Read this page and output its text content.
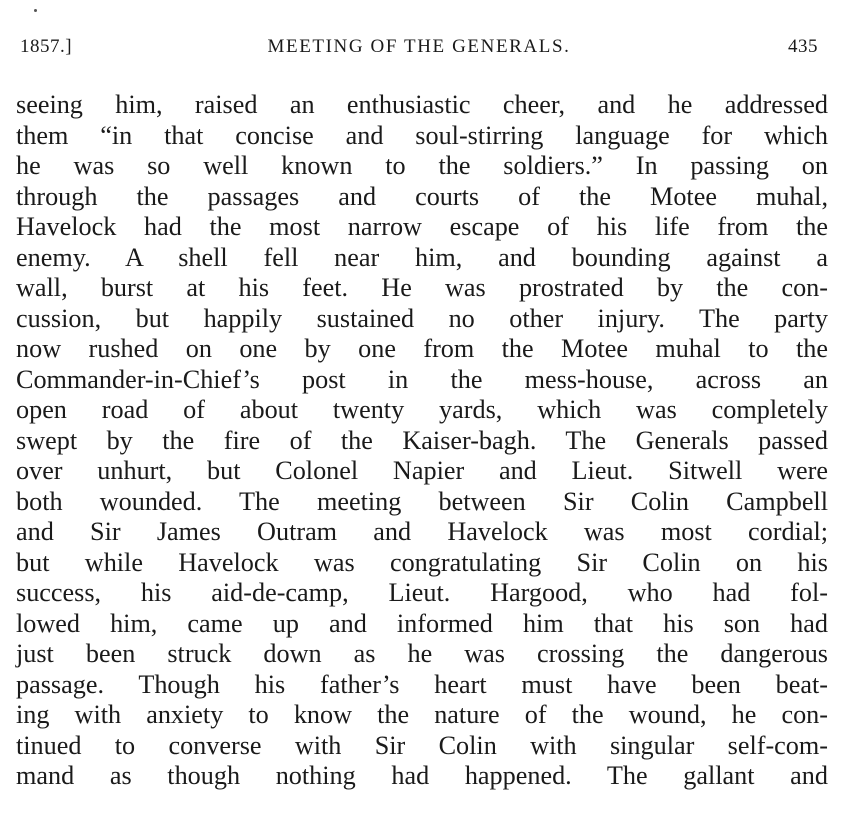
1857.]	MEETING OF THE GENERALS.	435
seeing him, raised an enthusiastic cheer, and he addressed
them “in that concise and soul-stirring language for which
he was so well known to the soldiers.” In passing on
through the passages and courts of the Motee muhal,
Havelock had the most narrow escape of his life from the
enemy. A shell fell near him, and bounding against a
wall, burst at his feet. He was prostrated by the con-
cussion, but happily sustained no other injury. The party
now rushed on one by one from the Motee muhal to the
Commander-in-Chief’s post in the mess-house, across an
open road of about twenty yards, which was completely
swept by the fire of the Kaiser-bagh. The Generals passed
over unhurt, but Colonel Napier and Lieut. Sitwell were
both wounded. The meeting between Sir Colin Campbell
and Sir James Outram and Havelock was most cordial;
but while Havelock was congratulating Sir Colin on his
success, his aid-de-camp, Lieut. Hargood, who had fol-
lowed him, came up and informed him that his son had
just been struck down as he was crossing the dangerous
passage. Though his father’s heart must have been beat-
ing with anxiety to know the nature of the wound, he con-
tinued to converse with Sir Colin with singular self-com-
mand as though nothing had happened. The gallant and
